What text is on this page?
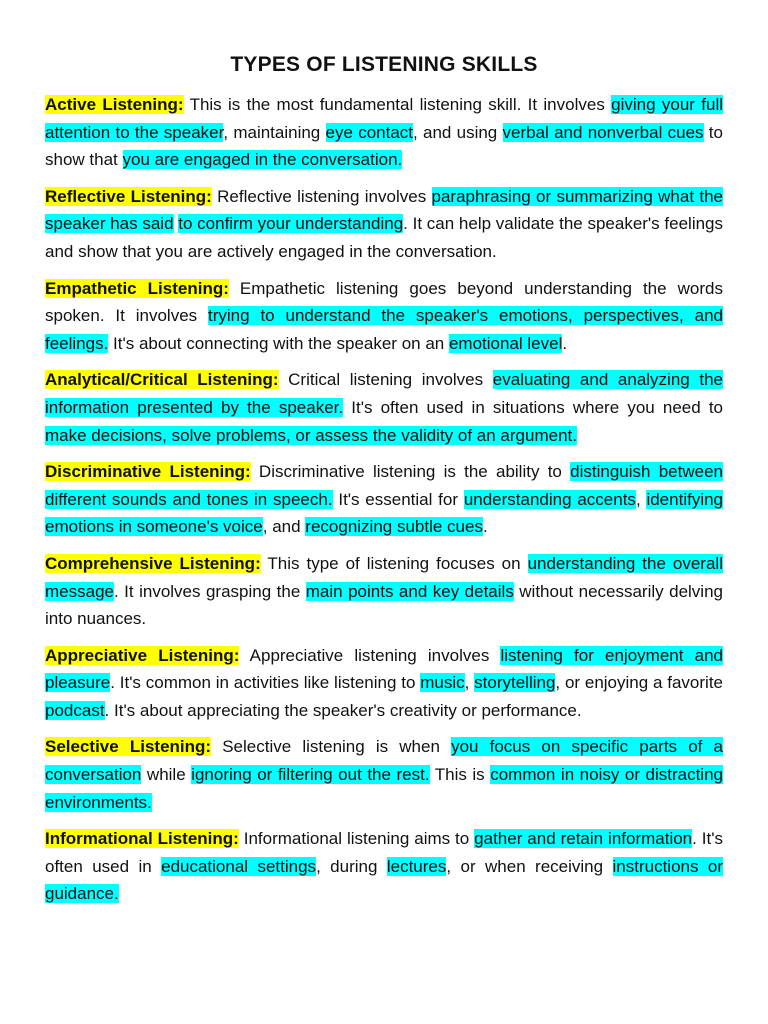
TYPES OF LISTENING SKILLS

Active Listening: This is the most fundamental listening skill. It involves giving your full attention to the speaker, maintaining eye contact, and using verbal and nonverbal cues to show that you are engaged in the conversation.

Reflective Listening: Reflective listening involves paraphrasing or summarizing what the speaker has said to confirm your understanding. It can help validate the speaker's feelings and show that you are actively engaged in the conversation.

Empathetic Listening: Empathetic listening goes beyond understanding the words spoken. It involves trying to understand the speaker's emotions, perspectives, and feelings. It's about connecting with the speaker on an emotional level.

Analytical/Critical Listening: Critical listening involves evaluating and analyzing the information presented by the speaker. It's often used in situations where you need to make decisions, solve problems, or assess the validity of an argument.

Discriminative Listening: Discriminative listening is the ability to distinguish between different sounds and tones in speech. It's essential for understanding accents, identifying emotions in someone's voice, and recognizing subtle cues.

Comprehensive Listening: This type of listening focuses on understanding the overall message. It involves grasping the main points and key details without necessarily delving into nuances.

Appreciative Listening: Appreciative listening involves listening for enjoyment and pleasure. It's common in activities like listening to music, storytelling, or enjoying a favorite podcast. It's about appreciating the speaker's creativity or performance.

Selective Listening: Selective listening is when you focus on specific parts of a conversation while ignoring or filtering out the rest. This is common in noisy or distracting environments.

Informational Listening: Informational listening aims to gather and retain information. It's often used in educational settings, during lectures, or when receiving instructions or guidance.
